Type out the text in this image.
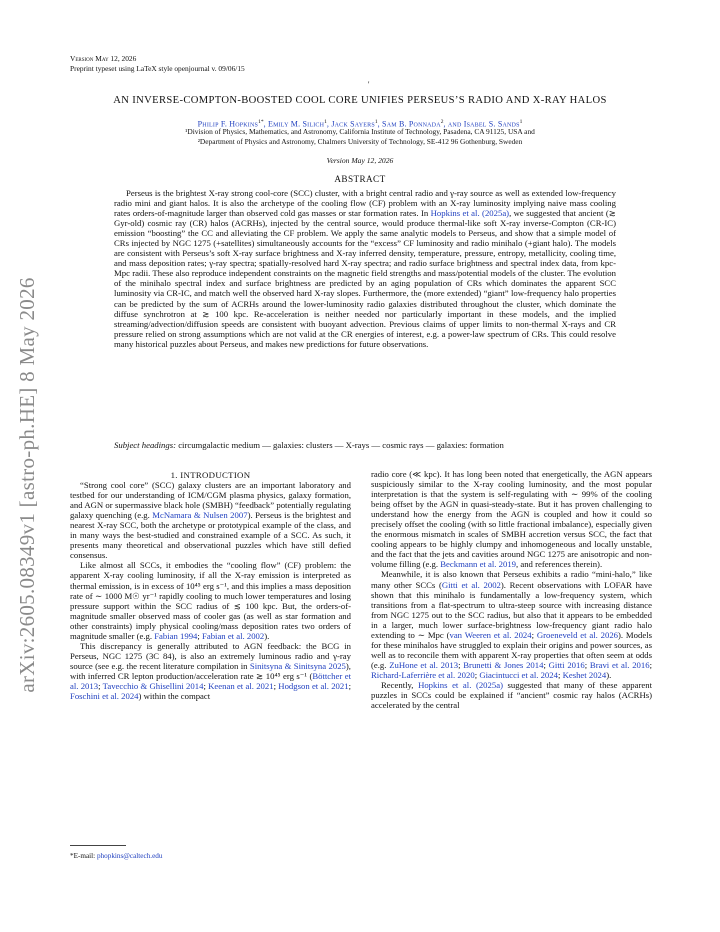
arXiv:2605.08349v1 [astro-ph.HE] 8 May 2026
Version May 12, 2026
Preprint typeset using LaTeX style openjournal v. 09/06/15
'
AN INVERSE-COMPTON-BOOSTED COOL CORE UNIFIES PERSEUS’S RADIO AND X-RAY HALOS
Philip F. Hopkins$^{1*}$, Emily M. Silich$^1$, Jack Sayers$^1$, Sam B. Ponnada$^2$, and Isabel S. Sands$^1$
¹Division of Physics, Mathematics, and Astronomy, California Institute of Technology, Pasadena, CA 91125, USA and
²Department of Physics and Astronomy, Chalmers University of Technology, SE-412 96 Gothenburg, Sweden
Version May 12, 2026
ABSTRACT
Perseus is the brightest X-ray strong cool-core (SCC) cluster, with a bright central radio and γ-ray source as well as extended low-frequency radio mini and giant halos. It is also the archetype of the cooling flow (CF) problem with an X-ray luminosity implying naive mass cooling rates orders-of-magnitude larger than observed cold gas masses or star formation rates. In Hopkins et al. (2025a), we suggested that ancient (≳ Gyr-old) cosmic ray (CR) halos (ACRHs), injected by the central source, would produce thermal-like soft X-ray inverse-Compton (CR-IC) emission “boosting” the CC and alleviating the CF problem. We apply the same analytic models to Perseus, and show that a simple model of CRs injected by NGC 1275 (+satellites) simultaneously accounts for the “excess” CF luminosity and radio minihalo (+giant halo). The models are consistent with Perseus’s soft X-ray surface brightness and X-ray inferred density, temperature, pressure, entropy, metallicity, cooling time, and mass deposition rates; γ-ray spectra; spatially-resolved hard X-ray spectra; and radio surface brightness and spectral index data, from kpc-Mpc radii. These also reproduce independent constraints on the magnetic field strengths and mass/potential models of the cluster. The evolution of the minihalo spectral index and surface brightness are predicted by an aging population of CRs which dominates the apparent SCC luminosity via CR-IC, and match well the observed hard X-ray slopes. Furthermore, the (more extended) “giant” low-frequency halo properties can be predicted by the sum of ACRHs around the lower-luminosity radio galaxies distributed throughout the cluster, which dominate the diffuse synchrotron at ≳ 100 kpc. Re-acceleration is neither needed nor particularly important in these models, and the implied streaming/advection/diffusion speeds are consistent with buoyant advection. Previous claims of upper limits to non-thermal X-rays and CR pressure relied on strong assumptions which are not valid at the CR energies of interest, e.g. a power-law spectrum of CRs. This could resolve many historical puzzles about Perseus, and makes new predictions for future observations.
Subject headings: circumgalactic medium — galaxies: clusters — X-rays — cosmic rays — galaxies: formation

1. INTRODUCTION

“Strong cool core” (SCC) galaxy clusters are an important laboratory and testbed for our understanding of ICM/CGM plasma physics, galaxy formation, and AGN or supermassive black hole (SMBH) “feedback” potentially regulating galaxy quenching (e.g. McNamara & Nulsen 2007). Perseus is the brightest and nearest X-ray SCC, both the archetype or prototypical example of the class, and in many ways the best-studied and constrained example of a SCC. As such, it presents many theoretical and observational puzzles which have still defied consensus.

Like almost all SCCs, it embodies the “cooling flow” (CF) problem: the apparent X-ray cooling luminosity, if all the X-ray emission is interpreted as thermal emission, is in excess of 10⁴⁵ erg s⁻¹, and this implies a mass deposition rate of ∼ 1000 M☉ yr⁻¹ rapidly cooling to much lower temperatures and losing pressure support within the SCC radius of ≲ 100 kpc. But, the orders-of-magnitude smaller observed mass of cooler gas (as well as star formation and other constraints) imply physical cooling/mass deposition rates two orders of magnitude smaller (e.g. Fabian 1994; Fabian et al. 2002).

This discrepancy is generally attributed to AGN feedback: the BCG in Perseus, NGC 1275 (3C 84), is also an extremely luminous radio and γ-ray source (see e.g. the recent literature compilation in Sinitsyna & Sinitsyna 2025), with inferred CR lepton production/acceleration rate ≳ 10⁴⁵ erg s⁻¹ (Böttcher et al. 2013; Tavecchio & Ghisellini 2014; Keenan et al. 2021; Hodgson et al. 2021; Foschini et al. 2024) within the compact

radio core (≪ kpc). It has long been noted that energetically, the AGN appears suspiciously similar to the X-ray cooling luminosity, and the most popular interpretation is that the system is self-regulating with ∼ 99% of the cooling being offset by the AGN in quasi-steady-state. But it has proven challenging to understand how the energy from the AGN is coupled and how it could so precisely offset the cooling (with so little fractional imbalance), especially given the enormous mismatch in scales of SMBH accretion versus SCC, the fact that cooling appears to be highly clumpy and inhomogeneous and locally unstable, and the fact that the jets and cavities around NGC 1275 are anisotropic and non-volume filling (e.g. Beckmann et al. 2019, and references therein).

Meanwhile, it is also known that Perseus exhibits a radio “mini-halo,” like many other SCCs (Gitti et al. 2002). Recent observations with LOFAR have shown that this minihalo is fundamentally a low-frequency system, which transitions from a flat-spectrum to ultra-steep source with increasing distance from NGC 1275 out to the SCC radius, but also that it appears to be embedded in a larger, much lower surface-brightness low-frequency giant radio halo extending to ∼ Mpc (van Weeren et al. 2024; Groeneveld et al. 2026). Models for these minihalos have struggled to explain their origins and power sources, as well as to reconcile them with apparent X-ray properties that often seem at odds (e.g. ZuHone et al. 2013; Brunetti & Jones 2014; Gitti 2016; Bravi et al. 2016; Richard-Laferrière et al. 2020; Giacintucci et al. 2024; Keshet 2024).

Recently, Hopkins et al. (2025a) suggested that many of these apparent puzzles in SCCs could be explained if “ancient” cosmic ray halos (ACRHs) accelerated by the central

*E-mail: phopkins@caltech.edu
